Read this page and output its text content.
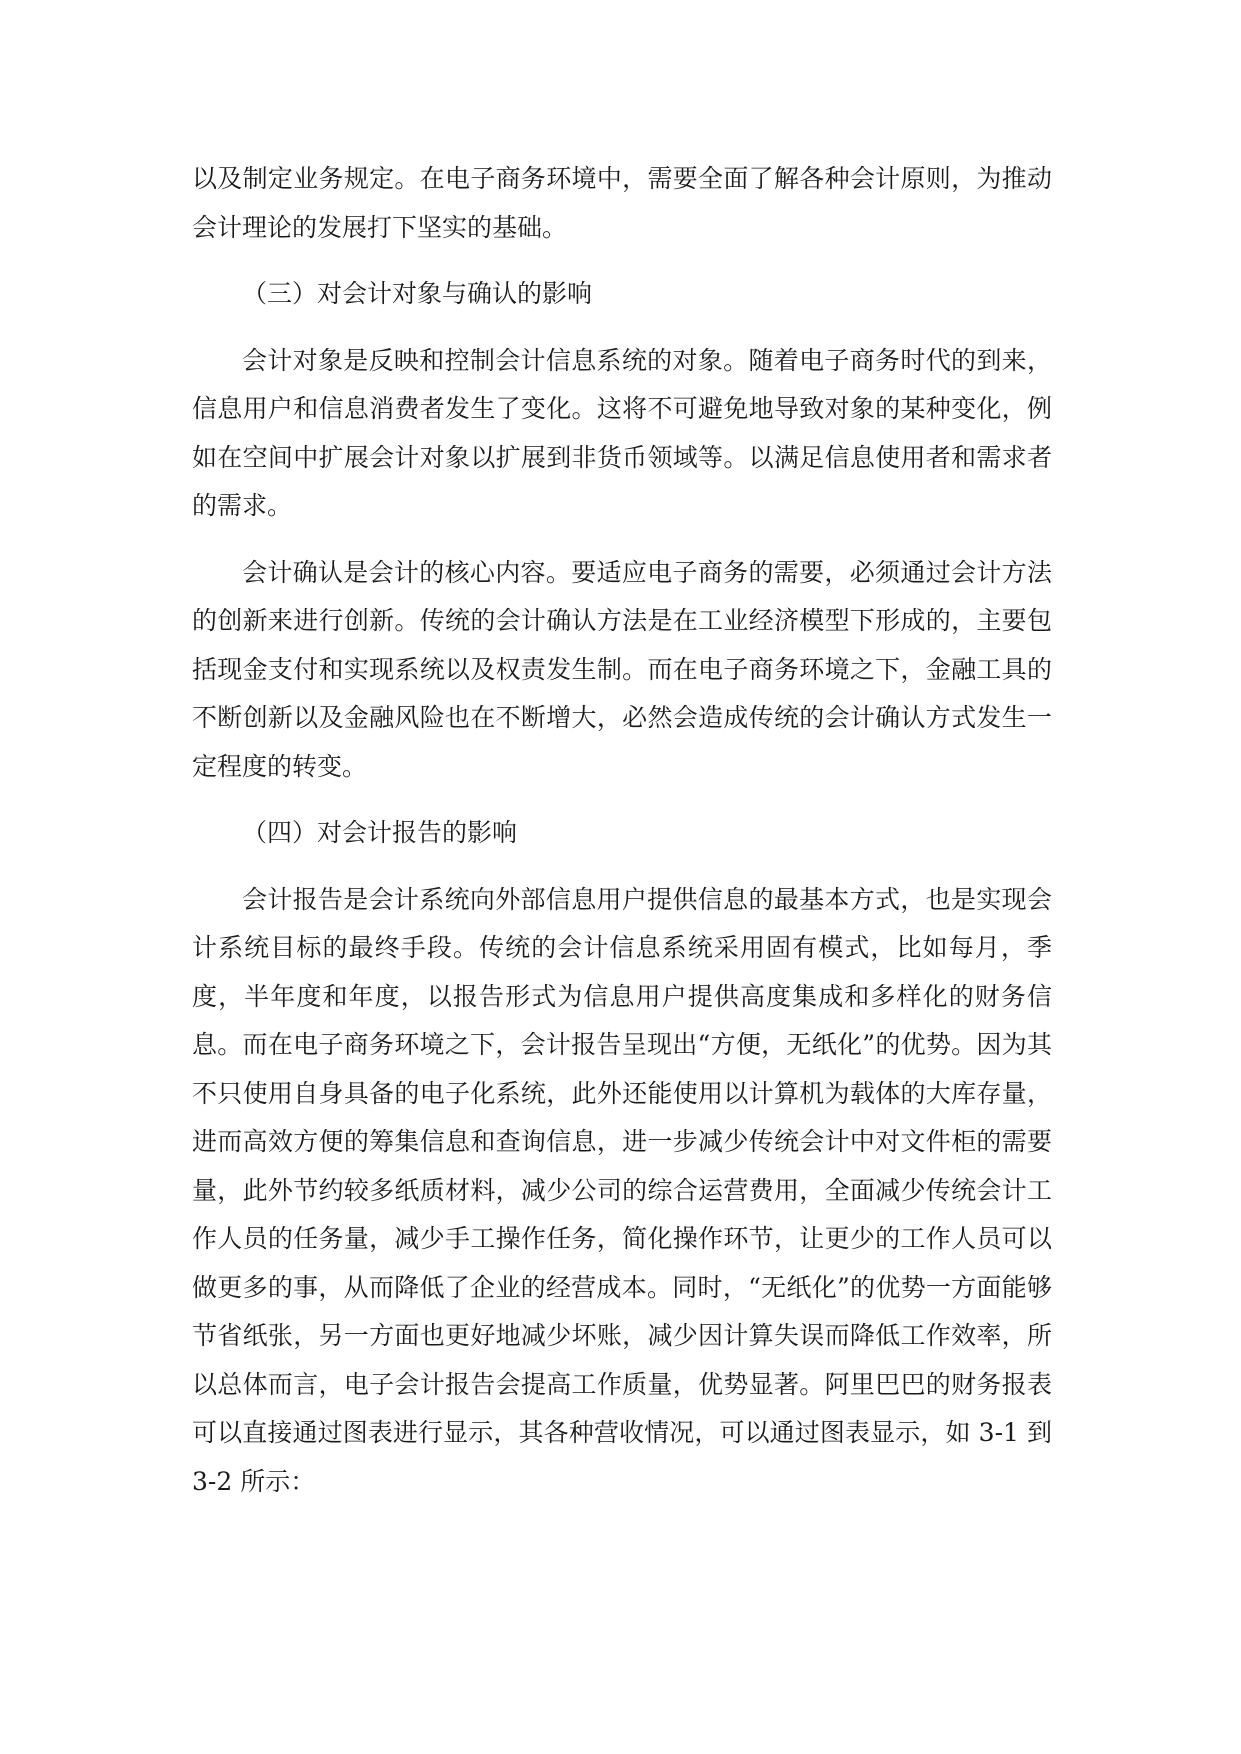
以及制定业务规定。在电子商务环境中，需要全面了解各种会计原则，为推动会计理论的发展打下坚实的基础。

（三）对会计对象与确认的影响

会计对象是反映和控制会计信息系统的对象。随着电子商务时代的到来，信息用户和信息消费者发生了变化。这将不可避免地导致对象的某种变化，例如在空间中扩展会计对象以扩展到非货币领域等。以满足信息使用者和需求者的需求。

会计确认是会计的核心内容。要适应电子商务的需要，必须通过会计方法的创新来进行创新。传统的会计确认方法是在工业经济模型下形成的，主要包括现金支付和实现系统以及权责发生制。而在电子商务环境之下，金融工具的不断创新以及金融风险也在不断增大，必然会造成传统的会计确认方式发生一定程度的转变。

（四）对会计报告的影响

会计报告是会计系统向外部信息用户提供信息的最基本方式，也是实现会计系统目标的最终手段。传统的会计信息系统采用固有模式，比如每月，季度，半年度和年度，以报告形式为信息用户提供高度集成和多样化的财务信息。而在电子商务环境之下，会计报告呈现出“方便，无纸化”的优势。因为其不只使用自身具备的电子化系统，此外还能使用以计算机为载体的大库存量，进而高效方便的筹集信息和查询信息，进一步减少传统会计中对文件柜的需要量，此外节约较多纸质材料，减少公司的综合运营费用，全面减少传统会计工作人员的任务量，减少手工操作任务，简化操作环节，让更少的工作人员可以做更多的事，从而降低了企业的经营成本。同时，“无纸化”的优势一方面能够节省纸张，另一方面也更好地减少坏账，减少因计算失误而降低工作效率，所以总体而言，电子会计报告会提高工作质量，优势显著。阿里巴巴的财务报表可以直接通过图表进行显示，其各种营收情况，可以通过图表显示，如 3-1 到 3-2 所示：
